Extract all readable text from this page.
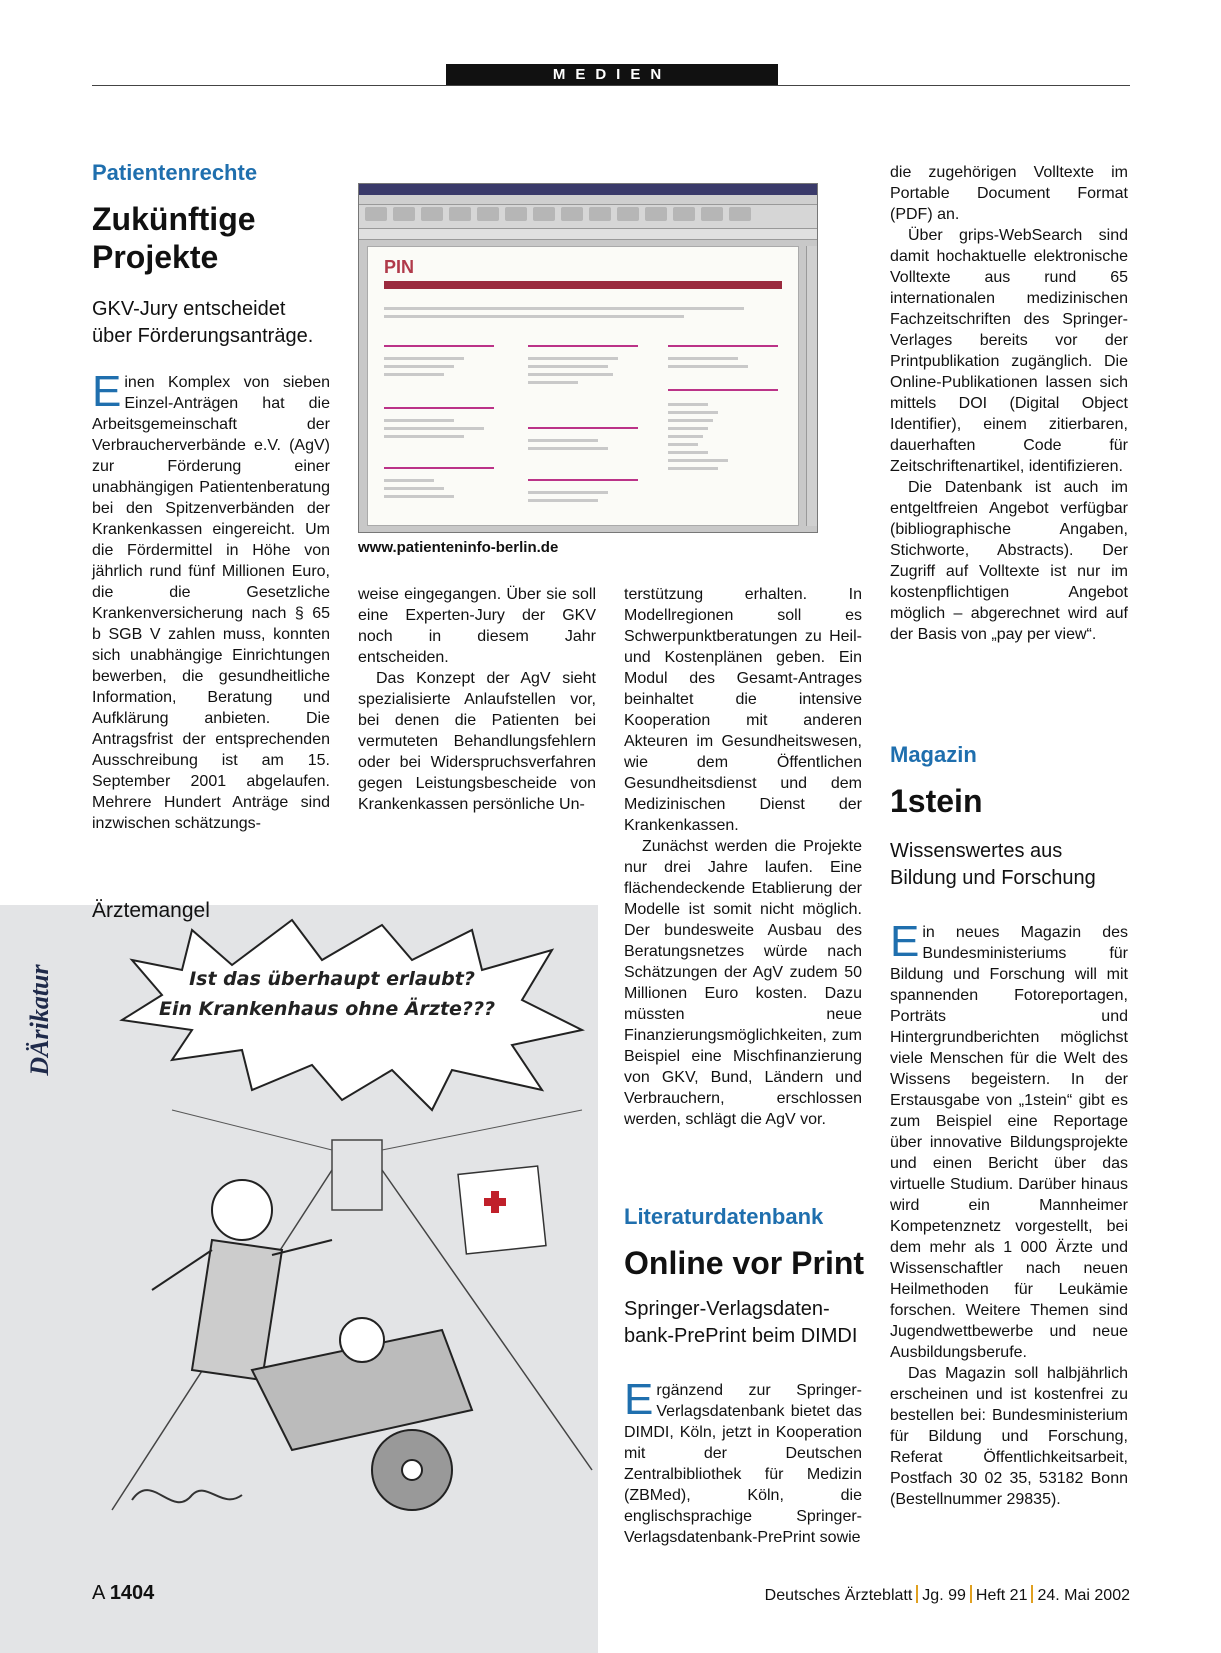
MEDIEN
DÄrikatur
Patientenrechte
Zukünftige
Projekte
GKV-Jury entscheidet
über Förderungsanträge.

Einen Komplex von sieben Einzel-Anträgen hat die Arbeitsgemeinschaft der Verbraucherverbände e.V. (AgV) zur Förderung einer unabhängigen Patientenberatung bei den Spitzenverbänden der Krankenkassen eingereicht. Um die Fördermittel in Höhe von jährlich rund fünf Millionen Euro, die die Gesetzliche Krankenversicherung nach § 65 b SGB V zahlen muss, konnten sich unabhängige Einrichtungen bewerben, die gesundheitliche Information, Beratung und Aufklärung anbieten. Die Antragsfrist der entsprechenden Ausschreibung ist am 15. September 2001 abgelaufen. Mehrere Hundert Anträge sind inzwischen schätzungs-

PIN
www.patienteninfo-berlin.de

weise eingegangen. Über sie soll eine Experten-Jury der GKV noch in diesem Jahr entscheiden.

Das Konzept der AgV sieht spezialisierte Anlaufstellen vor, bei denen die Patienten bei vermuteten Behandlungsfehlern oder bei Widerspruchsverfahren gegen Leistungsbescheide von Krankenkassen persönliche Un-

terstützung erhalten. In Modellregionen soll es Schwerpunktberatungen zu Heil- und Kostenplänen geben. Ein Modul des Gesamt-Antrages beinhaltet die intensive Kooperation mit anderen Akteuren im Gesundheitswesen, wie dem Öffentlichen Gesundheitsdienst und dem Medizinischen Dienst der Krankenkassen.

Zunächst werden die Projekte nur drei Jahre laufen. Eine flächendeckende Etablierung der Modelle ist somit nicht möglich. Der bundesweite Ausbau des Beratungsnetzes würde nach Schätzungen der AgV zudem 50 Millionen Euro kosten. Dazu müssten neue Finanzierungsmöglichkeiten, zum Beispiel eine Mischfinanzierung von GKV, Bund, Ländern und Verbrauchern, erschlossen werden, schlägt die AgV vor.

Ärztemangel
Ist das überhaupt erlaubt?
Ein Krankenhaus ohne Ärzte???
Literaturdatenbank
Online vor Print
Springer-Verlagsdaten-
bank-PrePrint beim DIMDI

Ergänzend zur Springer-Verlagsdatenbank bietet das DIMDI, Köln, jetzt in Kooperation mit der Deutschen Zentralbibliothek für Medizin (ZBMed), Köln, die englischsprachige Springer-Verlagsdatenbank-PrePrint sowie

die zugehörigen Volltexte im Portable Document Format (PDF) an.

Über grips-WebSearch sind damit hochaktuelle elektronische Volltexte aus rund 65 internationalen medizinischen Fachzeitschriften des Springer-Verlages bereits vor der Printpublikation zugänglich. Die Online-Publikationen lassen sich mittels DOI (Digital Object Identifier), einem zitierbaren, dauerhaften Code für Zeitschriftenartikel, identifizieren.

Die Datenbank ist auch im entgeltfreien Angebot verfügbar (bibliographische Angaben, Stichworte, Abstracts). Der Zugriff auf Volltexte ist nur im kostenpflichtigen Angebot möglich – abgerechnet wird auf der Basis von „pay per view“.

Magazin
1stein
Wissenswertes aus
Bildung und Forschung

Ein neues Magazin des Bundesministeriums für Bildung und Forschung will mit spannenden Fotoreportagen, Porträts und Hintergrundberichten möglichst viele Menschen für die Welt des Wissens begeistern. In der Erstausgabe von „1stein“ gibt es zum Beispiel eine Reportage über innovative Bildungsprojekte und einen Bericht über das virtuelle Studium. Darüber hinaus wird ein Mannheimer Kompetenznetz vorgestellt, bei dem mehr als 1 000 Ärzte und Wissenschaftler nach neuen Heilmethoden für Leukämie forschen. Weitere Themen sind Jugendwettbewerbe und neue Ausbildungsberufe.

Das Magazin soll halbjährlich erscheinen und ist kostenfrei zu bestellen bei: Bundesministerium für Bildung und Forschung, Referat Öffentlichkeitsarbeit, Postfach 30 02 35, 53182 Bonn (Bestellnummer 29835).

A 1404	Deutsches Ärzteblatt Jg. 99 Heft 21 24. Mai 2002
